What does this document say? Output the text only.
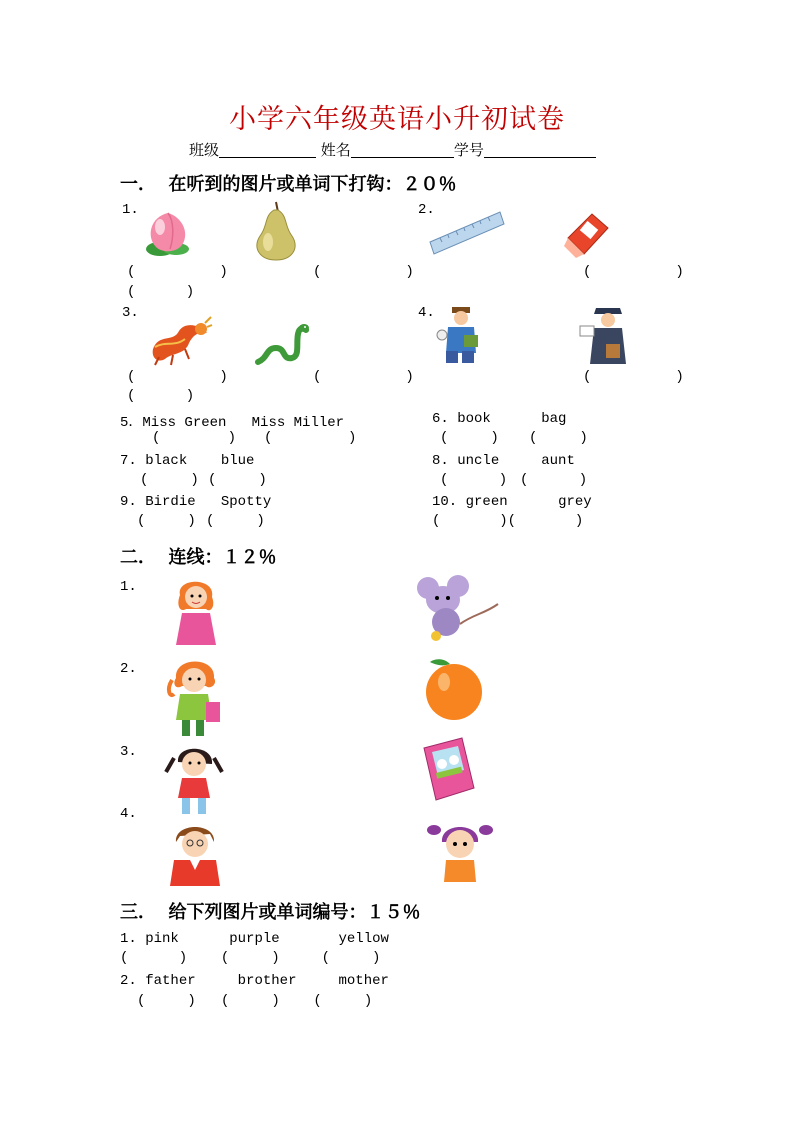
小学六年级英语小升初试卷
班级	姓名	学号
一．  在听到的图片或单词下打钩：２０％
1.	2.
(          )	(          )	(          )
(      )
3.	4.
(          )	(          )	(          )
(      )
5．Miss Green Miss Miller
(        ) (         )
6. book	bag
(     ) (     )
7. black blue
(     ) (     )
8. uncle	aunt
(      ) (      )
9. Birdie Spotty
(     ) (     )
10. green	grey
(       )(       )
二．  连线：１２％
1.
2.
3.
4.
三．  给下列图片或单词编号：１５％
1. pink	purple	yellow
(      )    (     )     (     )
2. father	brother	mother
(     )   (     )    (     )
